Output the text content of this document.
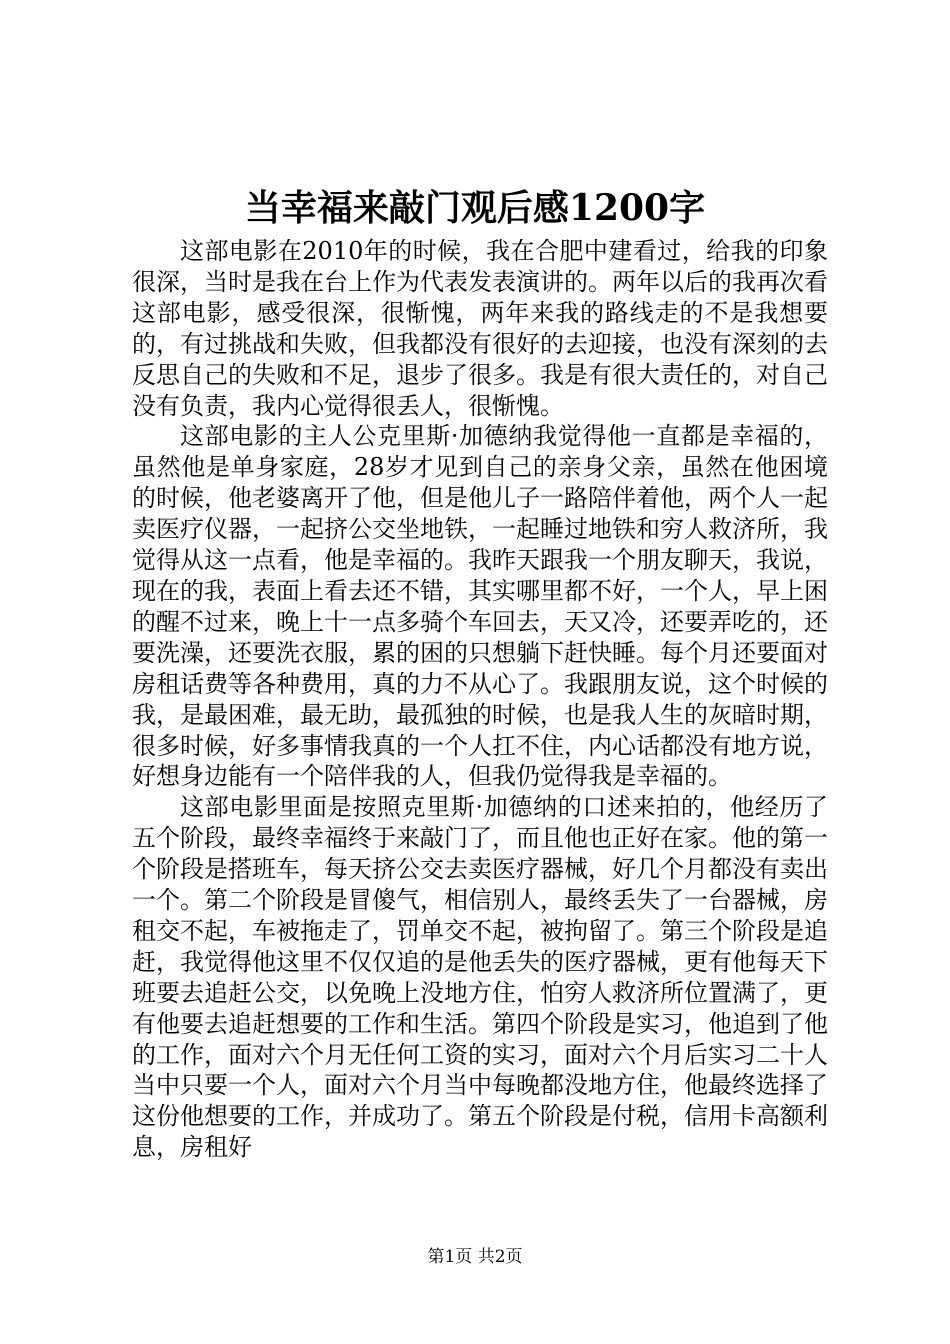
当幸福来敲门观后感1200字

这部电影在2010年的时候，我在合肥中建看过，给我的印象很深，当时是我在台上作为代表发表演讲的。两年以后的我再次看这部电影，感受很深，很惭愧，两年来我的路线走的不是我想要的，有过挑战和失败，但我都没有很好的去迎接，也没有深刻的去反思自己的失败和不足，退步了很多。我是有很大责任的，对自己没有负责，我内心觉得很丢人，很惭愧。

这部电影的主人公克里斯·加德纳我觉得他一直都是幸福的，虽然他是单身家庭，28岁才见到自己的亲身父亲，虽然在他困境的时候，他老婆离开了他，但是他儿子一路陪伴着他，两个人一起卖医疗仪器，一起挤公交坐地铁，一起睡过地铁和穷人救济所，我觉得从这一点看，他是幸福的。我昨天跟我一个朋友聊天，我说，现在的我，表面上看去还不错，其实哪里都不好，一个人，早上困的醒不过来，晚上十一点多骑个车回去，天又冷，还要弄吃的，还要洗澡，还要洗衣服，累的困的只想躺下赶快睡。每个月还要面对房租话费等各种费用，真的力不从心了。我跟朋友说，这个时候的我，是最困难，最无助，最孤独的时候，也是我人生的灰暗时期，很多时候，好多事情我真的一个人扛不住，内心话都没有地方说，好想身边能有一个陪伴我的人，但我仍觉得我是幸福的。

这部电影里面是按照克里斯·加德纳的口述来拍的，他经历了五个阶段，最终幸福终于来敲门了，而且他也正好在家。他的第一个阶段是搭班车，每天挤公交去卖医疗器械，好几个月都没有卖出一个。第二个阶段是冒傻气，相信别人，最终丢失了一台器械，房租交不起，车被拖走了，罚单交不起，被拘留了。第三个阶段是追赶，我觉得他这里不仅仅追的是他丢失的医疗器械，更有他每天下班要去追赶公交，以免晚上没地方住，怕穷人救济所位置满了，更有他要去追赶想要的工作和生活。第四个阶段是实习，他追到了他的工作，面对六个月无任何工资的实习，面对六个月后实习二十人当中只要一个人，面对六个月当中每晚都没地方住，他最终选择了这份他想要的工作，并成功了。第五个阶段是付税，信用卡高额利息，房租好

第1页 共2页
